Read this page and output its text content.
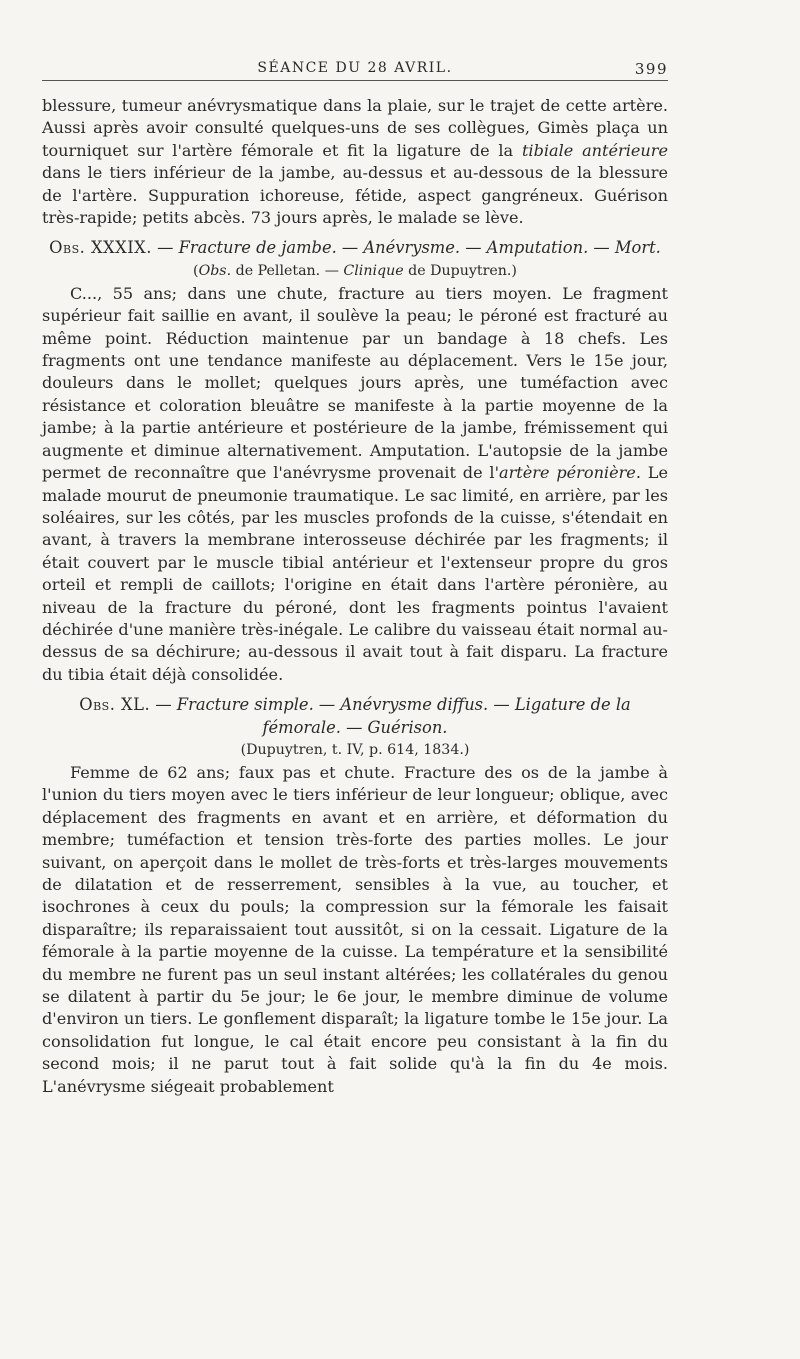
SÉANCE DU 28 AVRIL.	399

blessure, tumeur anévrysmatique dans la plaie, sur le trajet de cette artère. Aussi après avoir consulté quelques-uns de ses collègues, Gimès plaça un tourniquet sur l'artère fémorale et fit la ligature de la tibiale antérieure dans le tiers inférieur de la jambe, au-dessus et au-dessous de la blessure de l'artère. Suppuration ichoreuse, fétide, aspect gangréneux. Guérison très-rapide; petits abcès. 73 jours après, le malade se lève.

Obs. XXXIX. — Fracture de jambe. — Anévrysme. — Amputation. — Mort.
(Obs. de Pelletan. — Clinique de Dupuytren.)

C..., 55 ans; dans une chute, fracture au tiers moyen. Le fragment supérieur fait saillie en avant, il soulève la peau; le péroné est fracturé au même point. Réduction maintenue par un bandage à 18 chefs. Les fragments ont une tendance manifeste au déplacement. Vers le 15e jour, douleurs dans le mollet; quelques jours après, une tuméfaction avec résistance et coloration bleuâtre se manifeste à la partie moyenne de la jambe; à la partie antérieure et postérieure de la jambe, frémissement qui augmente et diminue alternativement. Amputation. L'autopsie de la jambe permet de reconnaître que l'anévrysme provenait de l'artère péronière. Le malade mourut de pneumonie traumatique. Le sac limité, en arrière, par les soléaires, sur les côtés, par les muscles profonds de la cuisse, s'étendait en avant, à travers la membrane interosseuse déchirée par les fragments; il était couvert par le muscle tibial antérieur et l'extenseur propre du gros orteil et rempli de caillots; l'origine en était dans l'artère péronière, au niveau de la fracture du péroné, dont les fragments pointus l'avaient déchirée d'une manière très-inégale. Le calibre du vaisseau était normal au-dessus de sa déchirure; au-dessous il avait tout à fait disparu. La fracture du tibia était déjà consolidée.

Obs. XL. — Fracture simple. — Anévrysme diffus. — Ligature de la fémorale. — Guérison.
(Dupuytren, t. IV, p. 614, 1834.)

Femme de 62 ans; faux pas et chute. Fracture des os de la jambe à l'union du tiers moyen avec le tiers inférieur de leur longueur; oblique, avec déplacement des fragments en avant et en arrière, et déformation du membre; tuméfaction et tension très-forte des parties molles. Le jour suivant, on aperçoit dans le mollet de très-forts et très-larges mouvements de dilatation et de resserrement, sensibles à la vue, au toucher, et isochrones à ceux du pouls; la compression sur la fémorale les faisait disparaître; ils reparaissaient tout aussitôt, si on la cessait. Ligature de la fémorale à la partie moyenne de la cuisse. La température et la sensibilité du membre ne furent pas un seul instant altérées; les collatérales du genou se dilatent à partir du 5e jour; le 6e jour, le membre diminue de volume d'environ un tiers. Le gonflement disparaît; la ligature tombe le 15e jour. La consolidation fut longue, le cal était encore peu consistant à la fin du second mois; il ne parut tout à fait solide qu'à la fin du 4e mois. L'anévrysme siégeait probablement
